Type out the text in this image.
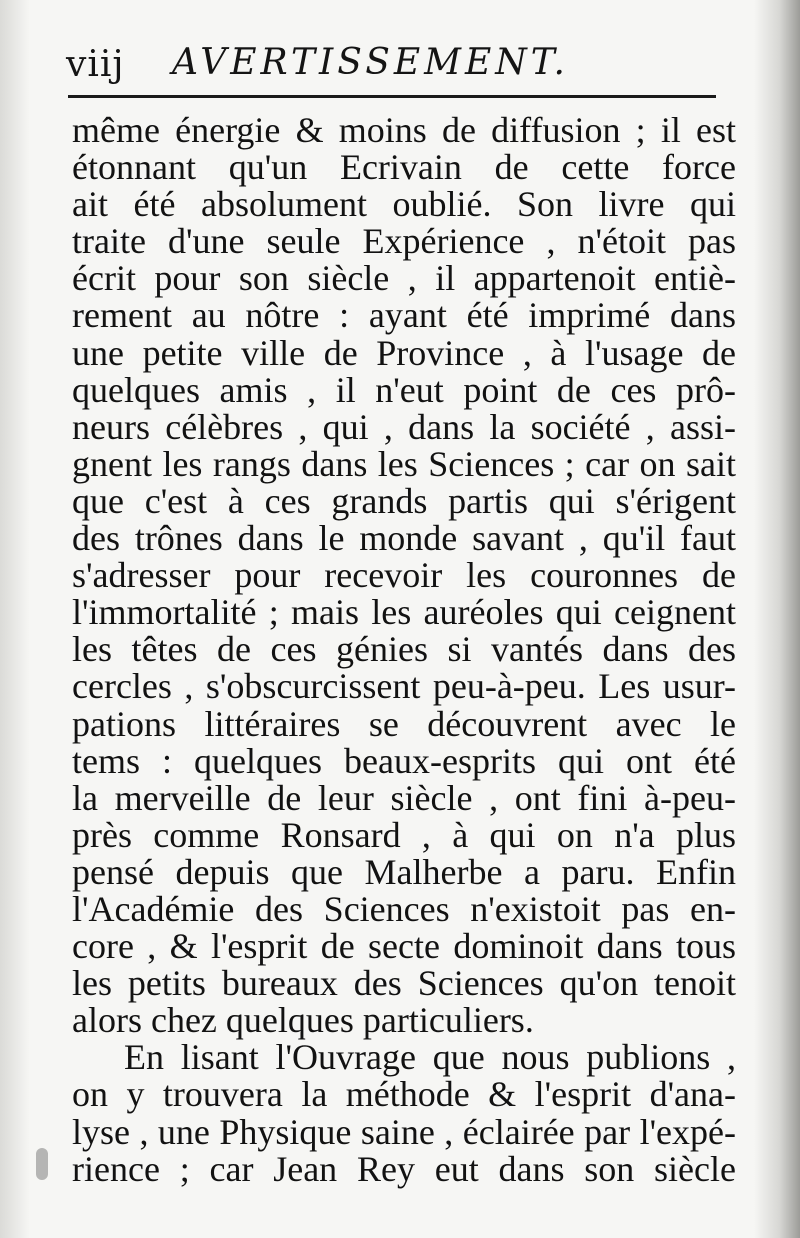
viij AVERTISSEMENT.
même énergie & moins de diffusion ; il est
étonnant qu'un Ecrivain de cette force
ait été absolument oublié. Son livre qui
traite d'une seule Expérience , n'étoit pas
écrit pour son siècle , il appartenoit entiè-
rement au nôtre : ayant été imprimé dans
une petite ville de Province , à l'usage de
quelques amis , il n'eut point de ces prô-
neurs célèbres , qui , dans la société , assi-
gnent les rangs dans les Sciences ; car on sait
que c'est à ces grands partis qui s'érigent
des trônes dans le monde savant , qu'il faut
s'adresser pour recevoir les couronnes de
l'immortalité ; mais les auréoles qui ceignent
les têtes de ces génies si vantés dans des
cercles , s'obscurcissent peu-à-peu. Les usur-
pations littéraires se découvrent avec le
tems : quelques beaux-esprits qui ont été
la merveille de leur siècle , ont fini à-peu-
près comme Ronsard , à qui on n'a plus
pensé depuis que Malherbe a paru. Enfin
l'Académie des Sciences n'existoit pas en-
core , & l'esprit de secte dominoit dans tous
les petits bureaux des Sciences qu'on tenoit
alors chez quelques particuliers.
En lisant l'Ouvrage que nous publions ,
on y trouvera la méthode & l'esprit d'ana-
lyse , une Physique saine , éclairée par l'expé-
rience ; car Jean Rey eut dans son siècle
